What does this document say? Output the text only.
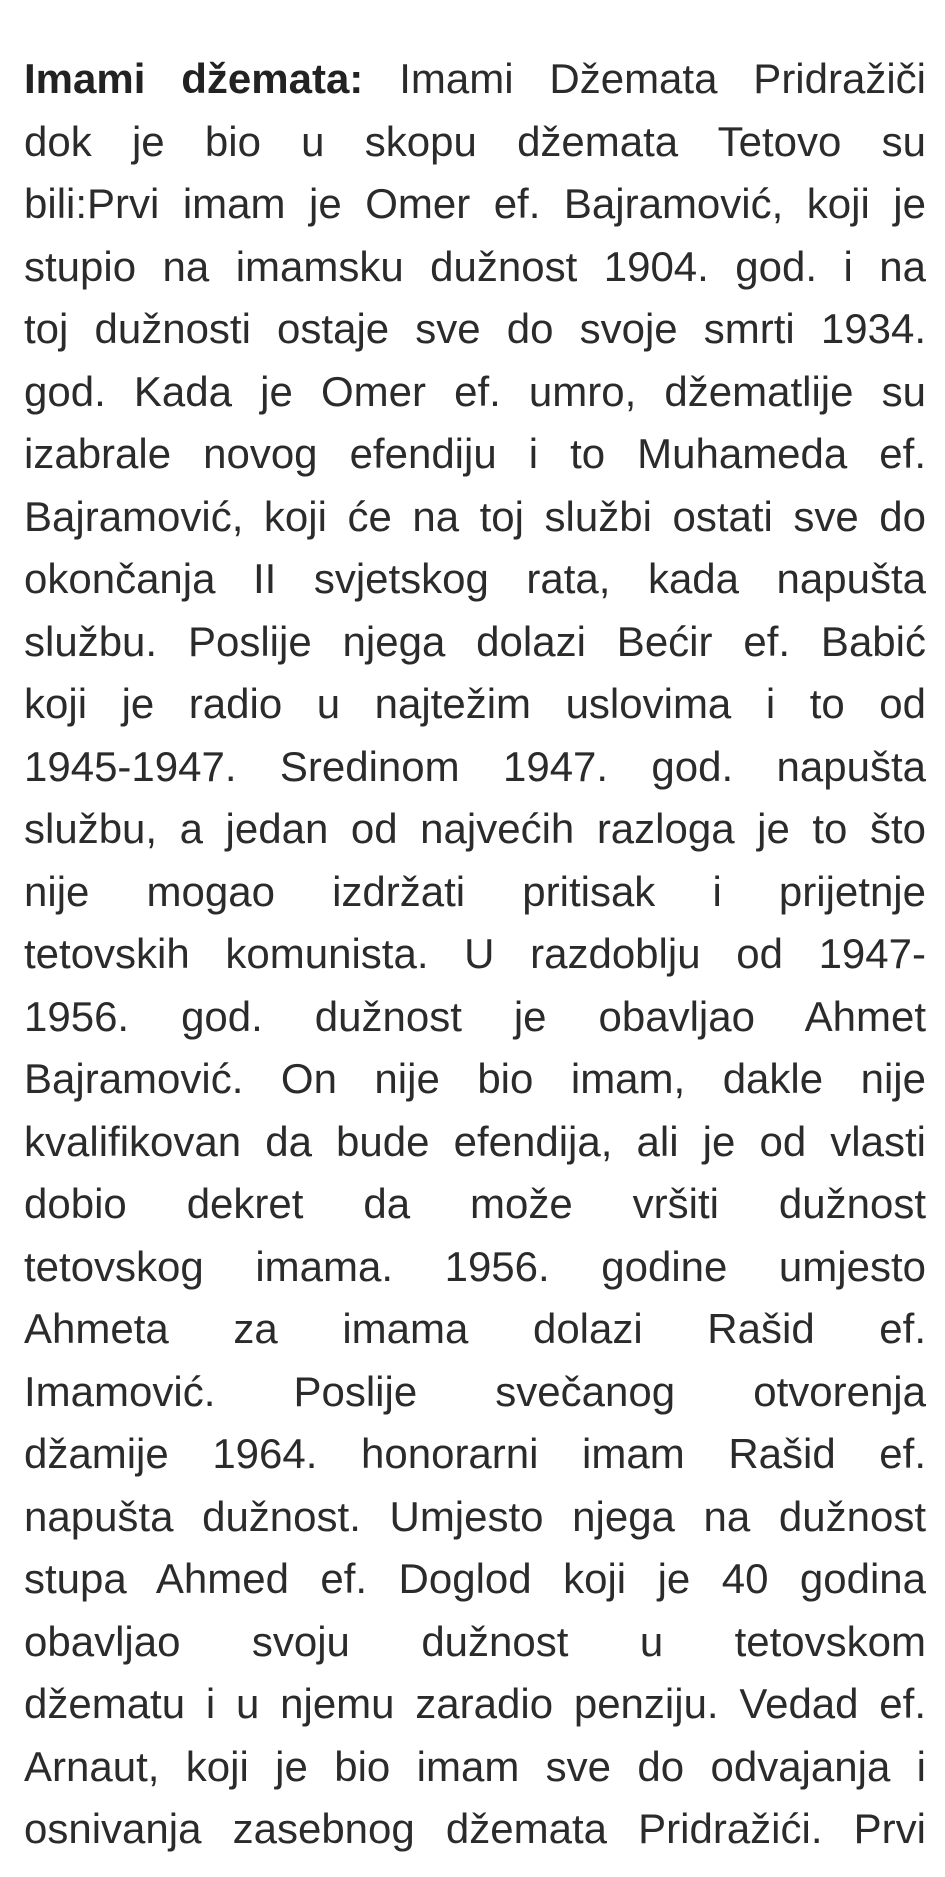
Imami džemata: Imami Džemata Pridražiči
dok je bio u skopu džemata Tetovo su
bili:Prvi imam je Omer ef. Bajramović, koji je
stupio na imamsku dužnost 1904. god. i na
toj dužnosti ostaje sve do svoje smrti 1934.
god. Kada je Omer ef. umro, džematlije su
izabrale novog efendiju i to Muhameda ef.
Bajramović, koji će na toj službi ostati sve do
okončanja II svjetskog rata, kada napušta
službu. Poslije njega dolazi Bećir ef. Babić
koji je radio u najtežim uslovima i to od
1945-1947. Sredinom 1947. god. napušta
službu, a jedan od najvećih razloga je to što
nije mogao izdržati pritisak i prijetnje
tetovskih komunista. U razdoblju od 1947-
1956. god. dužnost je obavljao Ahmet
Bajramović. On nije bio imam, dakle nije
kvalifikovan da bude efendija, ali je od vlasti
dobio dekret da može vršiti dužnost
tetovskog imama. 1956. godine umjesto
Ahmeta za imama dolazi Rašid ef.
Imamović. Poslije svečanog otvorenja
džamije 1964. honorarni imam Rašid ef.
napušta dužnost. Umjesto njega na dužnost
stupa Ahmed ef. Doglod koji je 40 godina
obavljao svoju dužnost u tetovskom
džematu i u njemu zaradio penziju. Vedad ef.
Arnaut, koji je bio imam sve do odvajanja i
osnivanja zasebnog džemata Pridražići. Prvi
